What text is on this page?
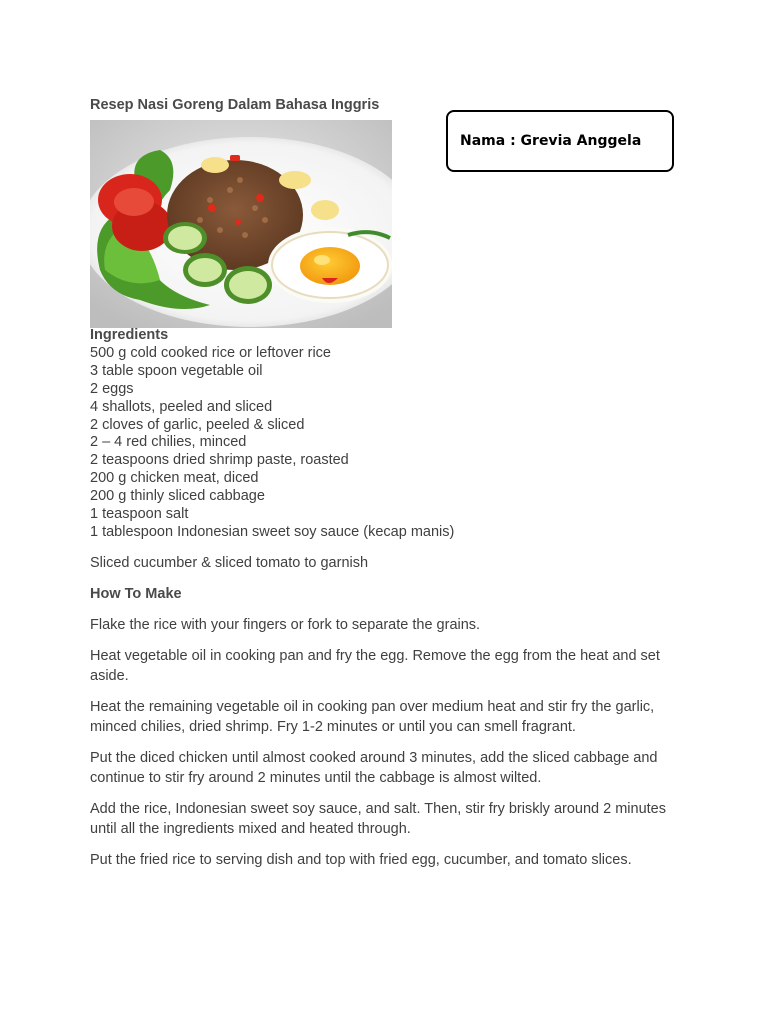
Resep Nasi Goreng Dalam Bahasa Inggris
Nama : Grevia Anggela
Ingredients
500 g cold cooked rice or leftover rice
3 table spoon vegetable oil
2 eggs
4 shallots, peeled and sliced
2 cloves of garlic, peeled & sliced
2 – 4 red chilies, minced
2 teaspoons dried shrimp paste, roasted
200 g chicken meat, diced
200 g thinly sliced cabbage
1 teaspoon salt
1 tablespoon Indonesian sweet soy sauce (kecap manis)
Sliced cucumber & sliced tomato to garnish
How To Make
Flake the rice with your fingers or fork to separate the grains.
Heat vegetable oil in cooking pan and fry the egg. Remove the egg from the heat and set aside.
Heat the remaining vegetable oil in cooking pan over medium heat and stir fry the garlic, minced chilies, dried shrimp. Fry 1-2 minutes or until you can smell fragrant.
Put the diced chicken until almost cooked around 3 minutes, add the sliced cabbage and continue to stir fry around 2 minutes until the cabbage is almost wilted.
Add the rice, Indonesian sweet soy sauce, and salt. Then, stir fry briskly around 2 minutes until all the ingredients mixed and heated through.
Put the fried rice to serving dish and top with fried egg, cucumber, and tomato slices.
